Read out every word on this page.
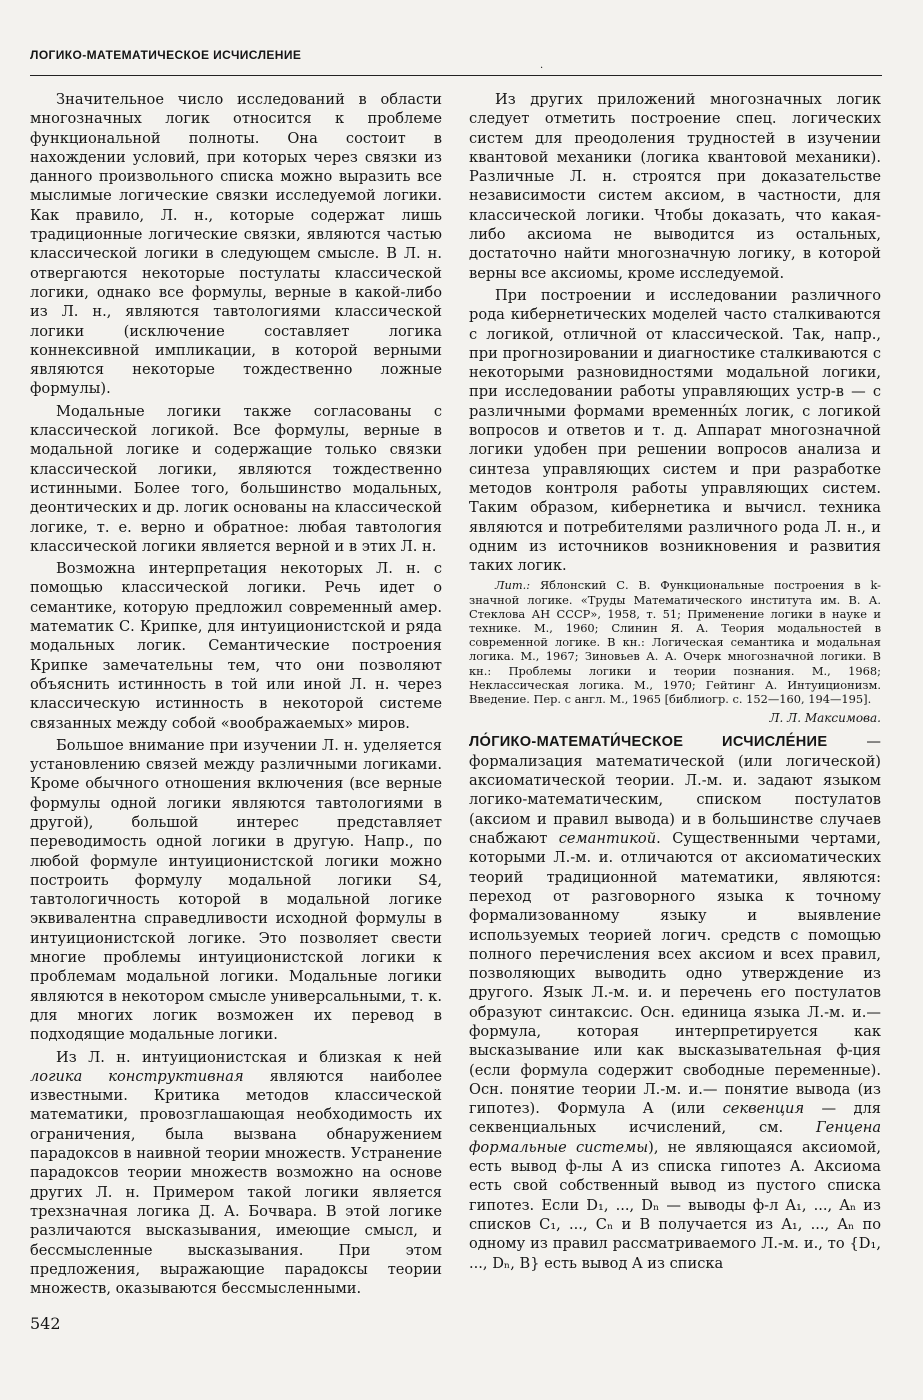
ЛОГИКО-МАТЕМАТИЧЕСКОЕ ИСЧИСЛЕНИЕ
.

Значительное число исследований в области многозначных логик относится к проблеме функциональной полноты. Она состоит в нахождении условий, при которых через связки из данного произвольного списка можно выразить все мыслимые логические связки исследуемой логики. Как правило, Л. н., которые содержат лишь традиционные логические связки, являются частью классической логики в следующем смысле. В Л. н. отвергаются некоторые постулаты классической логики, однако все формулы, верные в какой-либо из Л. н., являются тавтологиями классической логики (исключение составляет логика коннексивной импликации, в которой верными являются некоторые тождественно ложные формулы).

Модальные логики также согласованы с классической логикой. Все формулы, верные в модальной логике и содержащие только связки классической логики, являются тождественно истинными. Более того, большинство модальных, деонтических и др. логик основаны на классической логике, т. е. верно и обратное: любая тавтология классической логики является верной и в этих Л. н.

Возможна интерпретация некоторых Л. н. с помощью классической логики. Речь идет о семантике, которую предложил современный амер. математик С. Крипке, для интуиционистской и ряда модальных логик. Семантические построения Крипке замечательны тем, что они позволяют объяснить истинность в той или иной Л. н. через классическую истинность в некоторой системе связанных между собой «воображаемых» миров.

Большое внимание при изучении Л. н. уделяется установлению связей между различными логиками. Кроме обычного отношения включения (все верные формулы одной логики являются тавтологиями в другой), большой интерес представляет переводимость одной логики в другую. Напр., по любой формуле интуиционистской логики можно построить формулу модальной логики S4, тавтологичность которой в модальной логике эквивалентна справедливости исходной формулы в интуиционистской логике. Это позволяет свести многие проблемы интуиционистской логики к проблемам модальной логики. Модальные логики являются в некотором смысле универсальными, т. к. для многих логик возможен их перевод в подходящие модальные логики.

Из Л. н. интуиционистская и близкая к ней логика конструктивная являются наиболее известными. Критика методов классической математики, провозглашающая необходимость их ограничения, была вызвана обнаружением парадоксов в наивной теории множеств. Устранение парадоксов теории множеств возможно на основе других Л. н. Примером такой логики является трехзначная логика Д. А. Бочвара. В этой логике различаются высказывания, имеющие смысл, и бессмысленные высказывания. При этом предложения, выражающие парадоксы теории множеств, оказываются бессмысленными.

Из других приложений многозначных логик следует отметить построение спец. логических систем для преодоления трудностей в изучении квантовой механики (логика квантовой механики). Различные Л. н. строятся при доказательстве независимости систем аксиом, в частности, для классической логики. Чтобы доказать, что какая-либо аксиома не выводится из остальных, достаточно найти многозначную логику, в которой верны все аксиомы, кроме исследуемой.

При построении и исследовании различного рода кибернетических моделей часто сталкиваются с логикой, отличной от классической. Так, напр., при прогнозировании и диагностике сталкиваются с некоторыми разновидностями модальной логики, при исследовании работы управляющих устр-в — с различными формами временны́х логик, с логикой вопросов и ответов и т. д. Аппарат многозначной логики удобен при решении вопросов анализа и синтеза управляющих систем и при разработке методов контроля работы управляющих систем. Таким образом, кибернетика и вычисл. техника являются и потребителями различного рода Л. н., и одним из источников возникновения и развития таких логик.

Лит.: Яблонский С. В. Функциональные построения в k-значной логике. «Труды Математического института им. В. А. Стеклова АН СССР», 1958, т. 51; Применение логики в науке и технике. М., 1960; Слинин Я. А. Теория модальностей в современной логике. В кн.: Логическая семантика и модальная логика. М., 1967; Зиновьев А. А. Очерк многозначной логики. В кн.: Проблемы логики и теории познания. М., 1968; Неклассическая логика. М., 1970; Гейтинг А. Интуиционизм. Введение. Пер. с англ. М., 1965 [библиогр. с. 152—160, 194—195].

Л. Л. Максимова.

ЛО́ГИКО-МАТЕМАТИ́ЧЕСКОЕ ИСЧИСЛЕ́НИЕ	— формализация математической (или логической) аксиоматической теории. Л.-м. и. задают языком логико-математическим, списком постулатов (аксиом и правил вывода) и в большинстве случаев снабжают семантикой. Существенными чертами, которыми Л.-м. и. отличаются от аксиоматических теорий традиционной математики, являются: переход от разговорного языка к точному формализованному языку и выявление используемых теорией логич. средств с помощью полного перечисления всех аксиом и всех правил, позволяющих выводить одно утверждение из другого. Язык Л.-м. и. и перечень его постулатов образуют синтаксис. Осн. единица языка Л.-м. и.— формула, которая интерпретируется как высказывание или как высказывательная ф-ция (если формула содержит свободные переменные). Осн. понятие теории Л.-м. и.— понятие вывода (из гипотез). Формула A (или секвенция — для секвенциальных исчислений, см. Генцена формальные системы), не являющаяся аксиомой, есть вывод ф-лы A из списка гипотез A. Аксиома есть свой собственный вывод из пустого списка гипотез. Если D₁, ..., Dₙ — выводы ф-л A₁, ..., Aₙ из списков C₁, ..., Cₙ и B получается из A₁, ..., Aₙ по одному из правил рассматриваемого Л.-м. и., то {D₁, ..., Dₙ, B} есть вывод A из списка

542
